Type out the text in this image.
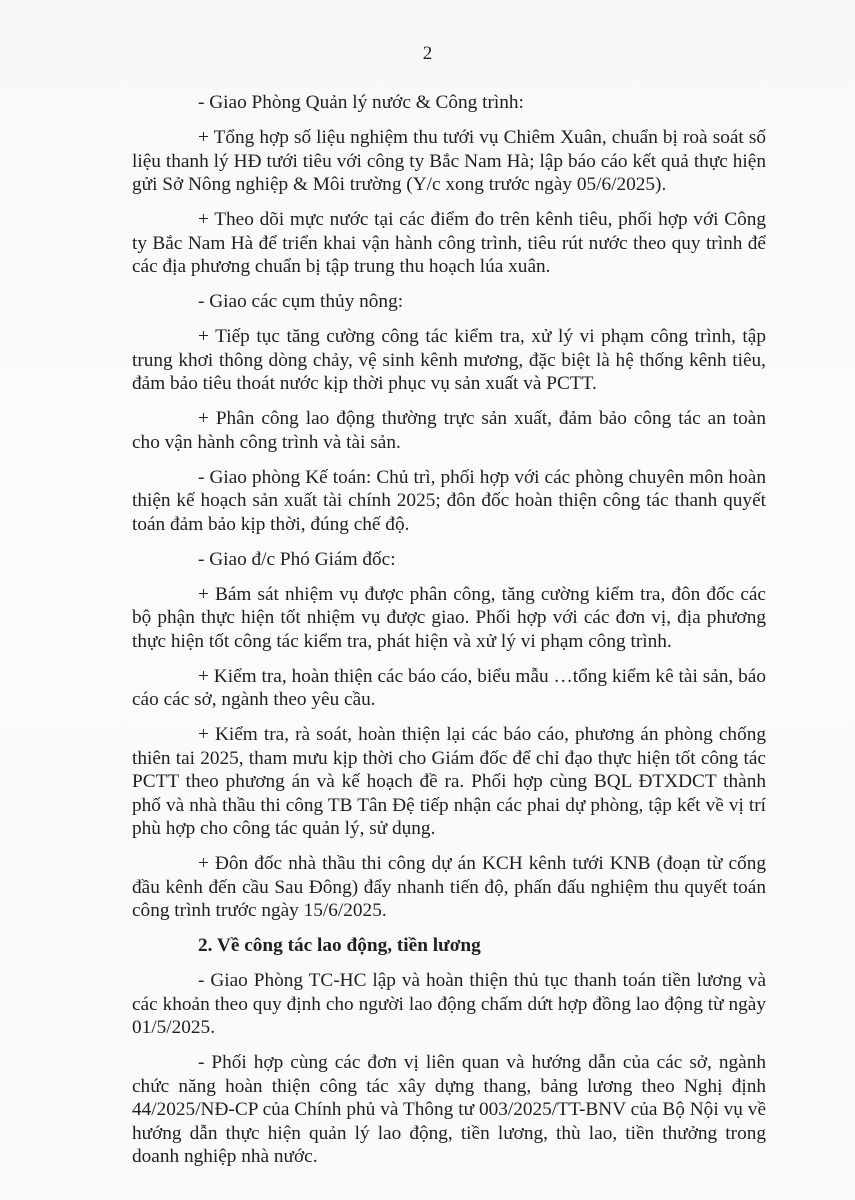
2

- Giao Phòng Quản lý nước & Công trình:

+ Tổng hợp số liệu nghiệm thu tưới vụ Chiêm Xuân, chuẩn bị roà soát số liệu thanh lý HĐ tưới tiêu với công ty Bắc Nam Hà; lập báo cáo kết quả thực hiện gửi Sở Nông nghiệp & Môi trường (Y/c xong trước ngày 05/6/2025).

+ Theo dõi mực nước tại các điểm đo trên kênh tiêu, phối hợp với Công ty Bắc Nam Hà để triển khai vận hành công trình, tiêu rút nước theo quy trình để các địa phương chuẩn bị tập trung thu hoạch lúa xuân.

- Giao các cụm thủy nông:

+ Tiếp tục tăng cường công tác kiểm tra, xử lý vi phạm công trình, tập trung khơi thông dòng chảy, vệ sinh kênh mương, đặc biệt là hệ thống kênh tiêu, đảm bảo tiêu thoát nước kịp thời phục vụ sản xuất và PCTT.

+ Phân công lao động thường trực sản xuất, đảm bảo công tác an toàn cho vận hành công trình và tài sản.

- Giao phòng Kế toán: Chủ trì, phối hợp với các phòng chuyên môn hoàn thiện kế hoạch sản xuất tài chính 2025; đôn đốc hoàn thiện công tác thanh quyết toán đảm bảo kịp thời, đúng chế độ.

- Giao đ/c Phó Giám đốc:

+ Bám sát nhiệm vụ được phân công, tăng cường kiểm tra, đôn đốc các bộ phận thực hiện tốt nhiệm vụ được giao. Phối hợp với các đơn vị, địa phương thực hiện tốt công tác kiểm tra, phát hiện và xử lý vi phạm công trình.

+ Kiểm tra, hoàn thiện các báo cáo, biểu mẫu …tổng kiểm kê tài sản, báo cáo các sở, ngành theo yêu cầu.

+ Kiểm tra, rà soát, hoàn thiện lại các báo cáo, phương án phòng chống thiên tai 2025, tham mưu kịp thời cho Giám đốc để chỉ đạo thực hiện tốt công tác PCTT theo phương án và kế hoạch đề ra. Phối hợp cùng BQL ĐTXDCT thành phố và nhà thầu thi công TB Tân Đệ tiếp nhận các phai dự phòng, tập kết về vị trí phù hợp cho công tác quản lý, sử dụng.

+ Đôn đốc nhà thầu thi công dự án KCH kênh tưới KNB (đoạn từ cống đầu kênh đến cầu Sau Đông) đẩy nhanh tiến độ, phấn đấu nghiệm thu quyết toán công trình trước ngày 15/6/2025.

2. Về công tác lao động, tiền lương

- Giao Phòng TC-HC lập và hoàn thiện thủ tục thanh toán tiền lương và các khoản theo quy định cho người lao động chấm dứt hợp đồng lao động từ ngày 01/5/2025.

- Phối hợp cùng các đơn vị liên quan và hướng dẫn của các sở, ngành chức năng hoàn thiện công tác xây dựng thang, bảng lương theo Nghị định 44/2025/NĐ-CP của Chính phủ và Thông tư 003/2025/TT-BNV của Bộ Nội vụ về hướng dẫn thực hiện quản lý lao động, tiền lương, thù lao, tiền thưởng trong doanh nghiệp nhà nước.
